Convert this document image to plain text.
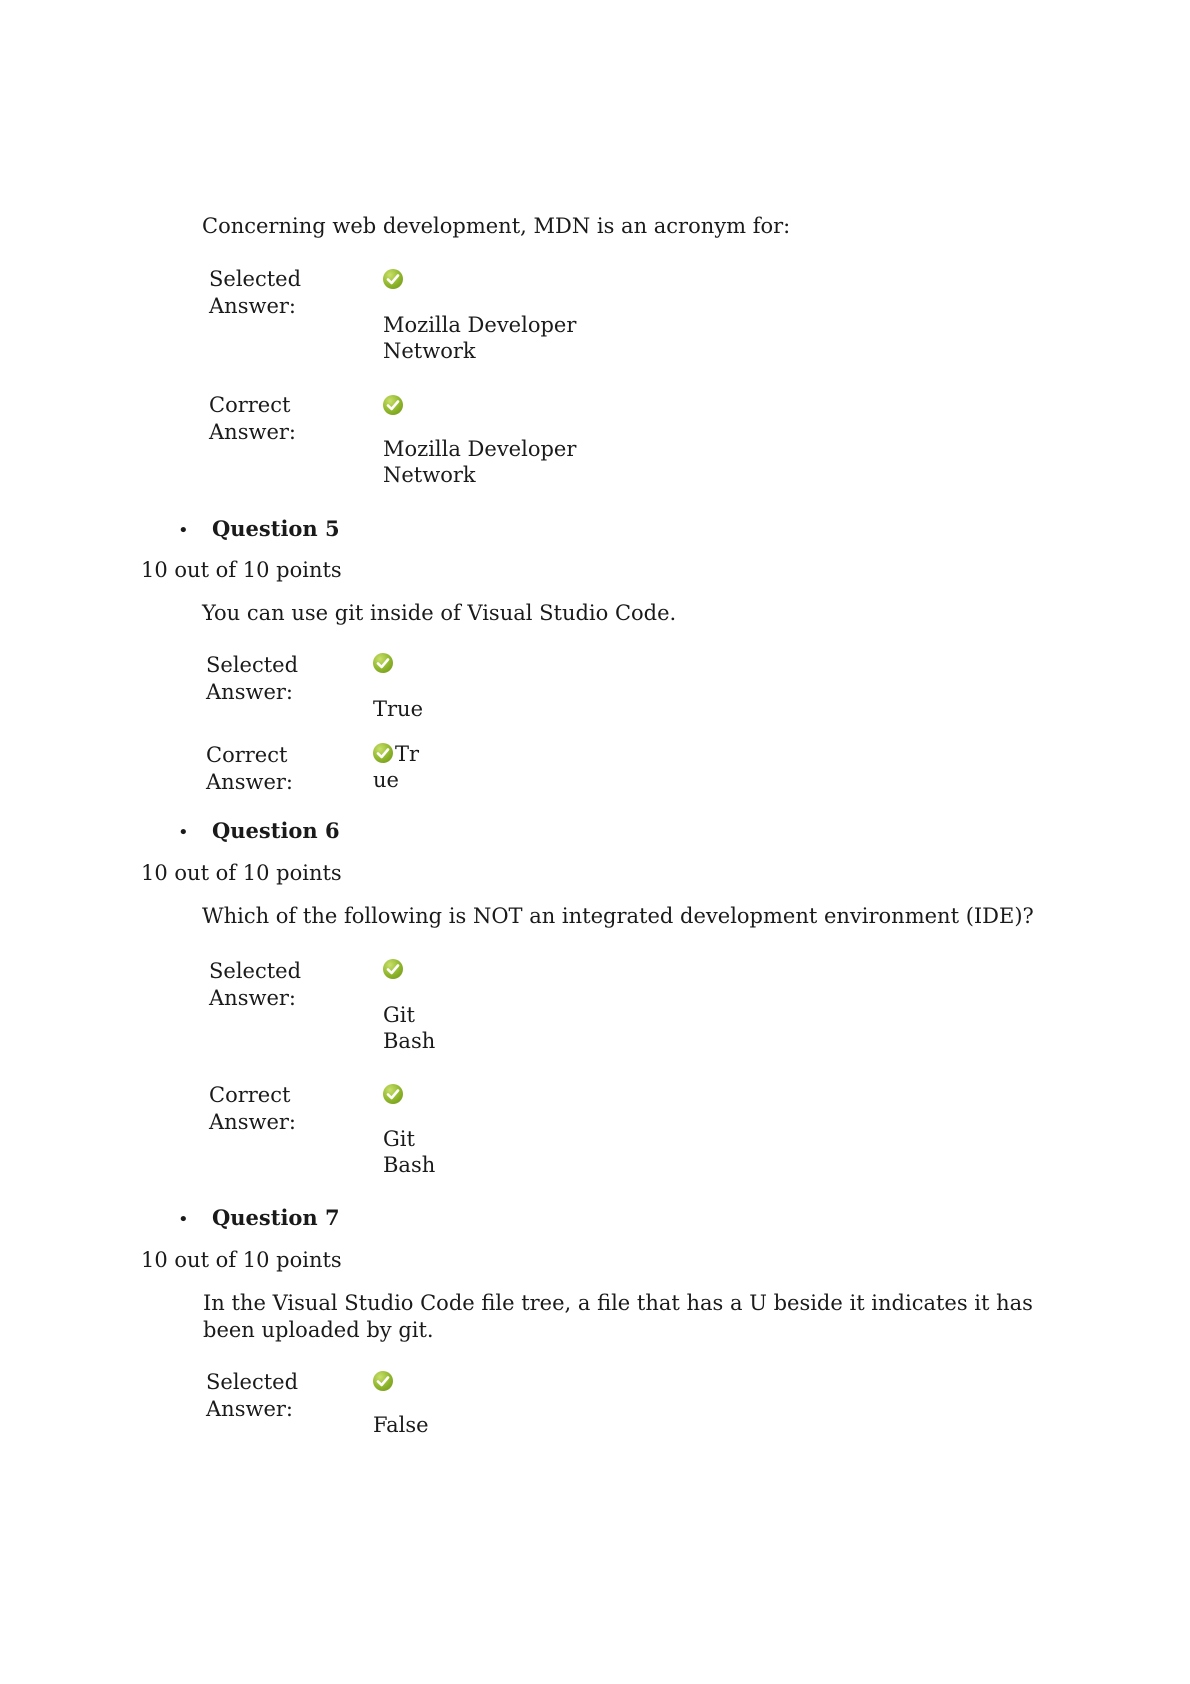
Concerning web development, MDN is an acronym for:
Selected
Answer:
Mozilla Developer
Network
Correct
Answer:
Mozilla Developer
Network
• Question 5
10 out of 10 points
You can use git inside of Visual Studio Code.
Selected
Answer:
True
Correct
Answer:
Tr
ue
• Question 6
10 out of 10 points
Which of the following is NOT an integrated development environment (IDE)?
Selected
Answer:
Git
Bash
Correct
Answer:
Git
Bash
• Question 7
10 out of 10 points
In the Visual Studio Code file tree, a file that has a U beside it indicates it has been uploaded by git.
Selected
Answer:
False
